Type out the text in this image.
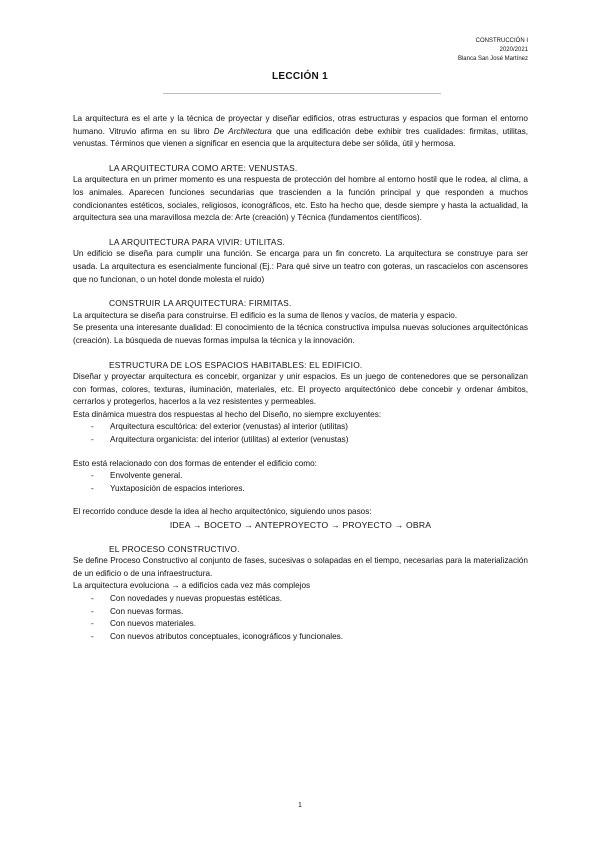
CONSTRUCCIÓN I
2020/2021
Blanca San José Martínez
LECCIÓN 1

La arquitectura es el arte y la técnica de proyectar y diseñar edificios, otras estructuras y espacios que forman el entorno humano. Vitruvio afirma en su libro De Architectura que una edificación debe exhibir tres cualidades: firmitas, utilitas, venustas. Términos que vienen a significar en esencia que la arquitectura debe ser sólida, útil y hermosa.

LA ARQUITECTURA COMO ARTE: VENUSTAS.

La arquitectura en un primer momento es una respuesta de protección del hombre al entorno hostil que le rodea, al clima, a los animales. Aparecen funciones secundarias que trascienden a la función principal y que responden a muchos condicionantes estéticos, sociales, religiosos, iconográficos, etc. Esto ha hecho que, desde siempre y hasta la actualidad, la arquitectura sea una maravillosa mezcla de: Arte (creación) y Técnica (fundamentos científicos).

LA ARQUITECTURA PARA VIVIR: UTILITAS.

Un edificio se diseña para cumplir una función. Se encarga para un fin concreto. La arquitectura se construye para ser usada. La arquitectura es esencialmente funcional (Ej.: Para qué sirve un teatro con goteras, un rascacielos con ascensores que no funcionan, o un hotel donde molesta el ruido)

CONSTRUIR LA ARQUITECTURA: FIRMITAS.

La arquitectura se diseña para construirse. El edificio es la suma de llenos y vacíos, de materia y espacio.

Se presenta una interesante dualidad: El conocimiento de la técnica constructiva impulsa nuevas soluciones arquitectónicas (creación). La búsqueda de nuevas formas impulsa la técnica y la innovación.

ESTRUCTURA DE LOS ESPACIOS HABITABLES: EL EDIFICIO.

Diseñar y proyectar arquitectura es concebir, organizar y unir espacios. Es un juego de contenedores que se personalizan con formas, colores, texturas, iluminación, materiales, etc. El proyecto arquitectónico debe concebir y ordenar ámbitos, cerrarlos y protegerlos, hacerlos a la vez resistentes y permeables.

Esta dinámica muestra dos respuestas al hecho del Diseño, no siempre excluyentes:

- Arquitectura escultórica: del exterior (venustas) al interior (utilitas)
- Arquitectura organicista: del interior (utilitas) al exterior (venustas)

Esto está relacionado con dos formas de entender el edificio como:

- Envolvente general.
- Yuxtaposición de espacios interiores.

El recorrido conduce desde la idea al hecho arquitectónico, siguiendo unos pasos:

IDEA → BOCETO → ANTEPROYECTO → PROYECTO → OBRA

EL PROCESO CONSTRUCTIVO.

Se define Proceso Constructivo al conjunto de fases, sucesivas o solapadas en el tiempo, necesarias para la materialización de un edificio o de una infraestructura.

La arquitectura evoluciona → a edificios cada vez más complejos

- Con novedades y nuevas propuestas estéticas.
- Con nuevas formas.
- Con nuevos materiales.
- Con nuevos atributos conceptuales, iconográficos y funcionales.
1
